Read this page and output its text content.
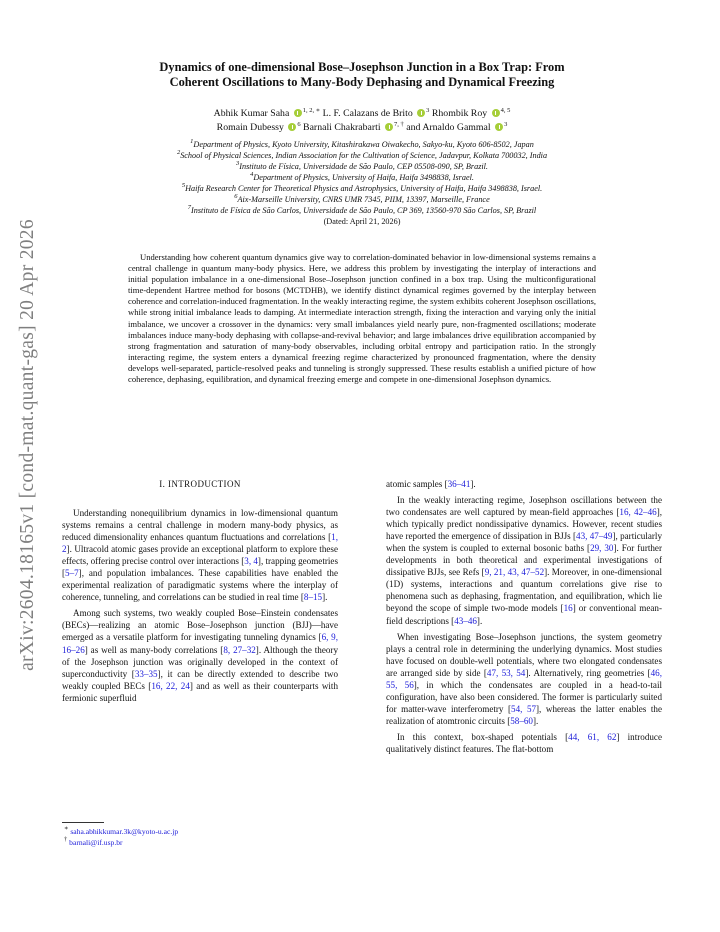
arXiv:2604.18165v1 [cond-mat.quant-gas] 20 Apr 2026
Dynamics of one-dimensional Bose–Josephson Junction in a Box Trap: From
Coherent Oscillations to Many-Body Dephasing and Dynamical Freezing
Abhik Kumar Saha $^{1, 2, ∗}$ L. F. Calazans de Brito $^3$ Rhombik Roy $^{4, 5}$
Romain Dubessy $^6$ Barnali Chakrabarti $^{7, \dagger}$ and Arnaldo Gammal $^3$
$^1$Department of Physics, Kyoto University, Kitashirakawa Oiwakecho, Sakyo-ku, Kyoto 606-8502, Japan
$^2$School of Physical Sciences, Indian Association for the Cultivation of Science, Jadavpur, Kolkata 700032, India
$^3$Instituto de Física, Universidade de São Paulo, CEP 05508-090, SP, Brazil.
$^4$Department of Physics, University of Haifa, Haifa 3498838, Israel.
$^5$Haifa Research Center for Theoretical Physics and Astrophysics, University of Haifa, Haifa 3498838, Israel.
$^6$Aix-Marseille University, CNRS UMR 7345, PIIM, 13397, Marseille, France
$^7$Instituto de Física de São Carlos, Universidade de São Paulo, CP 369, 13560-970 São Carlos, SP, Brazil
(Dated: April 21, 2026)

Understanding how coherent quantum dynamics give way to correlation-dominated behavior in low-dimensional systems remains a central challenge in quantum many-body physics. Here, we address this problem by investigating the interplay of interactions and initial population imbalance in a one-dimensional Bose–Josephson junction confined in a box trap. Using the multiconfigurational time-dependent Hartree method for bosons (MCTDHB), we identify distinct dynamical regimes governed by the interplay between coherence and correlation-induced fragmentation. In the weakly interacting regime, the system exhibits coherent Josephson oscillations, while strong initial imbalance leads to damping. At intermediate interaction strength, fixing the interaction and varying only the initial imbalance, we uncover a crossover in the dynamics: very small imbalances yield nearly pure, non-fragmented oscillations; moderate imbalances induce many-body dephasing with collapse-and-revival behavior; and large imbalances drive equilibration accompanied by strong fragmentation and saturation of many-body observables, including orbital entropy and participation ratio. In the strongly interacting regime, the system enters a dynamical freezing regime characterized by pronounced fragmentation, where the density develops well-separated, particle-resolved peaks and tunneling is strongly suppressed. These results establish a unified picture of how coherence, dephasing, equilibration, and dynamical freezing emerge and compete in one-dimensional Josephson dynamics.

I. INTRODUCTION

Understanding nonequilibrium dynamics in low-dimensional quantum systems remains a central challenge in modern many-body physics, as reduced dimensionality enhances quantum fluctuations and correlations [1, 2]. Ultracold atomic gases provide an exceptional platform to explore these effects, offering precise control over interactions [3, 4], trapping geometries [5–7], and population imbalances. These capabilities have enabled the experimental realization of paradigmatic systems where the interplay of coherence, tunneling, and correlations can be studied in real time [8–15].

Among such systems, two weakly coupled Bose–Einstein condensates (BECs)—realizing an atomic Bose–Josephson junction (BJJ)—have emerged as a versatile platform for investigating tunneling dynamics [6, 9, 16–26] as well as many-body correlations [8, 27–32]. Although the theory of the Josephson junction was originally developed in the context of superconductivity [33–35], it can be directly extended to describe two weakly coupled BECs [16, 22, 24] and as well as their counterparts with fermionic superfluid

atomic samples [36–41].

In the weakly interacting regime, Josephson oscillations between the two condensates are well captured by mean-field approaches [16, 42–46], which typically predict nondissipative dynamics. However, recent studies have reported the emergence of dissipation in BJJs [43, 47–49], particularly when the system is coupled to external bosonic baths [29, 30]. For further developments in both theoretical and experimental investigations of dissipative BJJs, see Refs [9, 21, 43, 47–52]. Moreover, in one-dimensional (1D) systems, interactions and quantum correlations give rise to phenomena such as dephasing, fragmentation, and equilibration, which lie beyond the scope of simple two-mode models [16] or conventional mean-field descriptions [43–46].

When investigating Bose–Josephson junctions, the system geometry plays a central role in determining the underlying dynamics. Most studies have focused on double-well potentials, where two elongated condensates are arranged side by side [47, 53, 54]. Alternatively, ring geometries [46, 55, 56], in which the condensates are coupled in a head-to-tail configuration, have also been considered. The former is particularly suited for matter-wave interferometry [54, 57], whereas the latter enables the realization of atomtronic circuits [58–60].

In this context, box-shaped potentials [44, 61, 62] introduce qualitatively distinct features. The flat-bottom

∗ saha.abhikkumar.3k@kyoto-u.ac.jp
† barnali@if.usp.br
